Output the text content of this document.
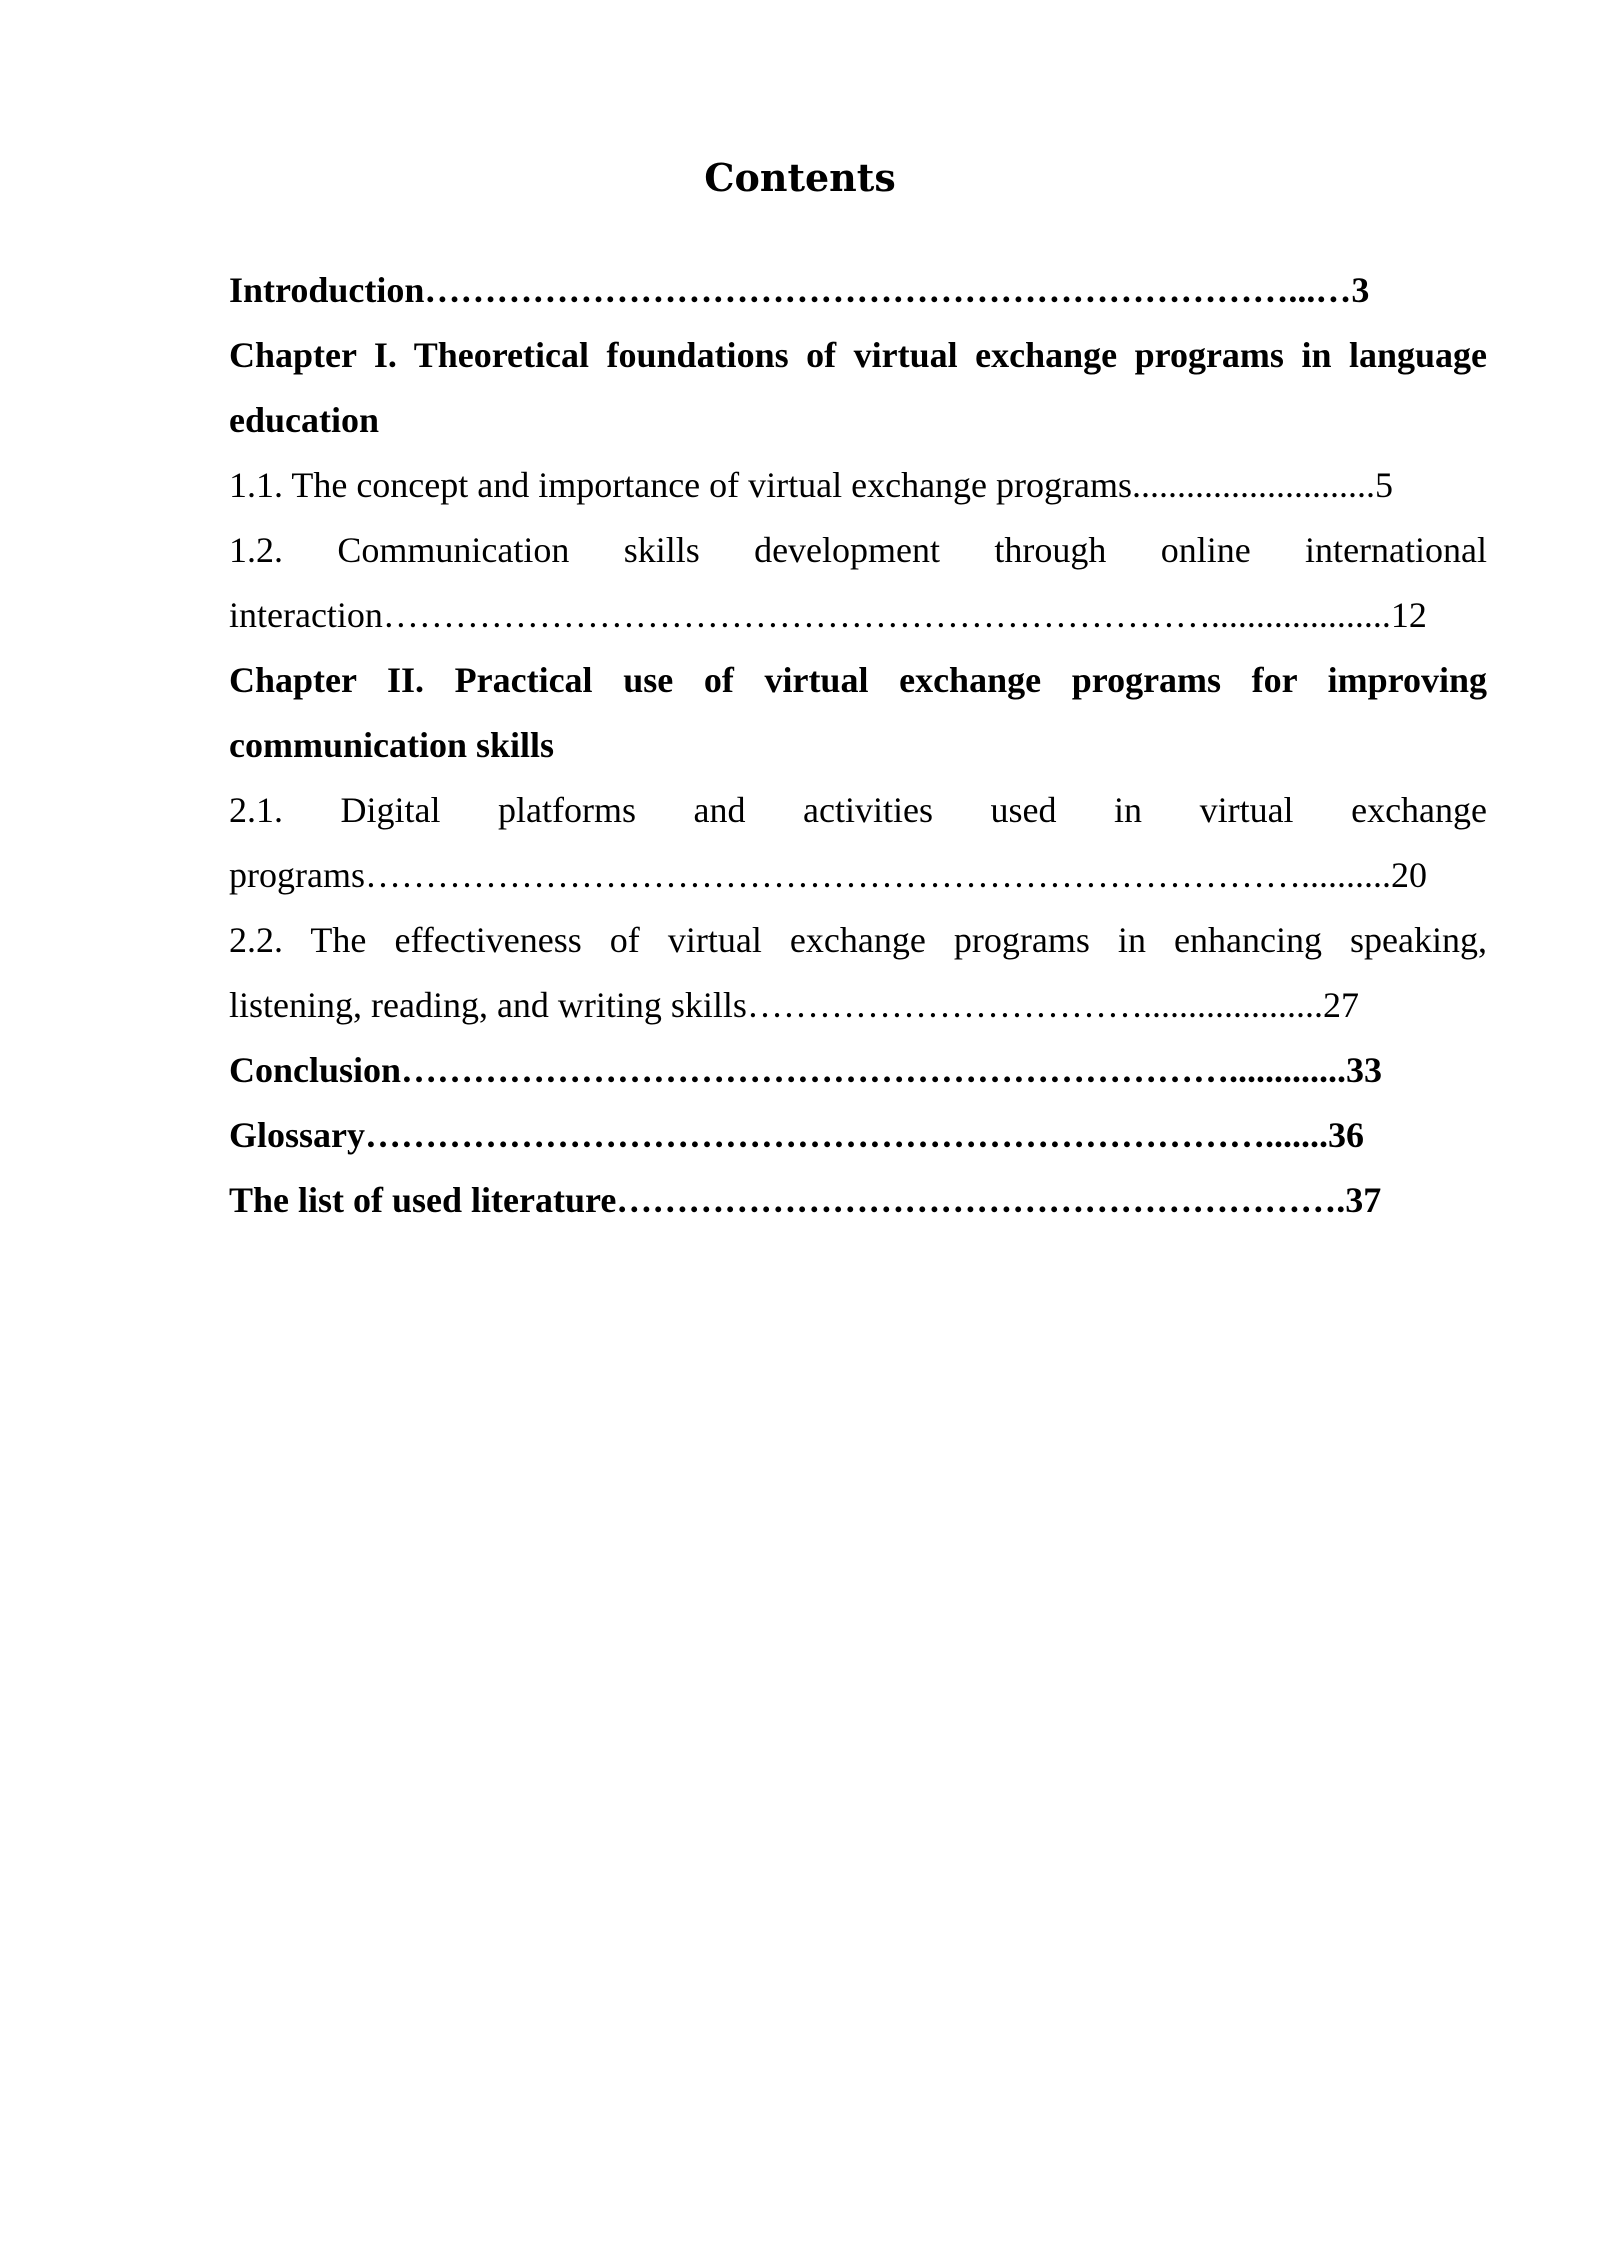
Contents
Introduction………………………………………………………………...…3
Chapter I. Theoretical foundations of virtual exchange programs in language
education
1.1. The concept and importance of virtual exchange programs...........................5
1.2. Communication skills development through online international
interaction……………………………………………………………....................12
Chapter II. Practical use of virtual exchange programs for improving
communication skills
2.1. Digital platforms and activities used in virtual exchange
programs……………………………………………………………………..........20
2.2. The effectiveness of virtual exchange programs in enhancing speaking,
listening, reading, and writing skills……………………………....................27
Conclusion…………………………………………………………….............33
Glossary………………………………………………………………….......36
The list of used literature…………………………………………………….37
